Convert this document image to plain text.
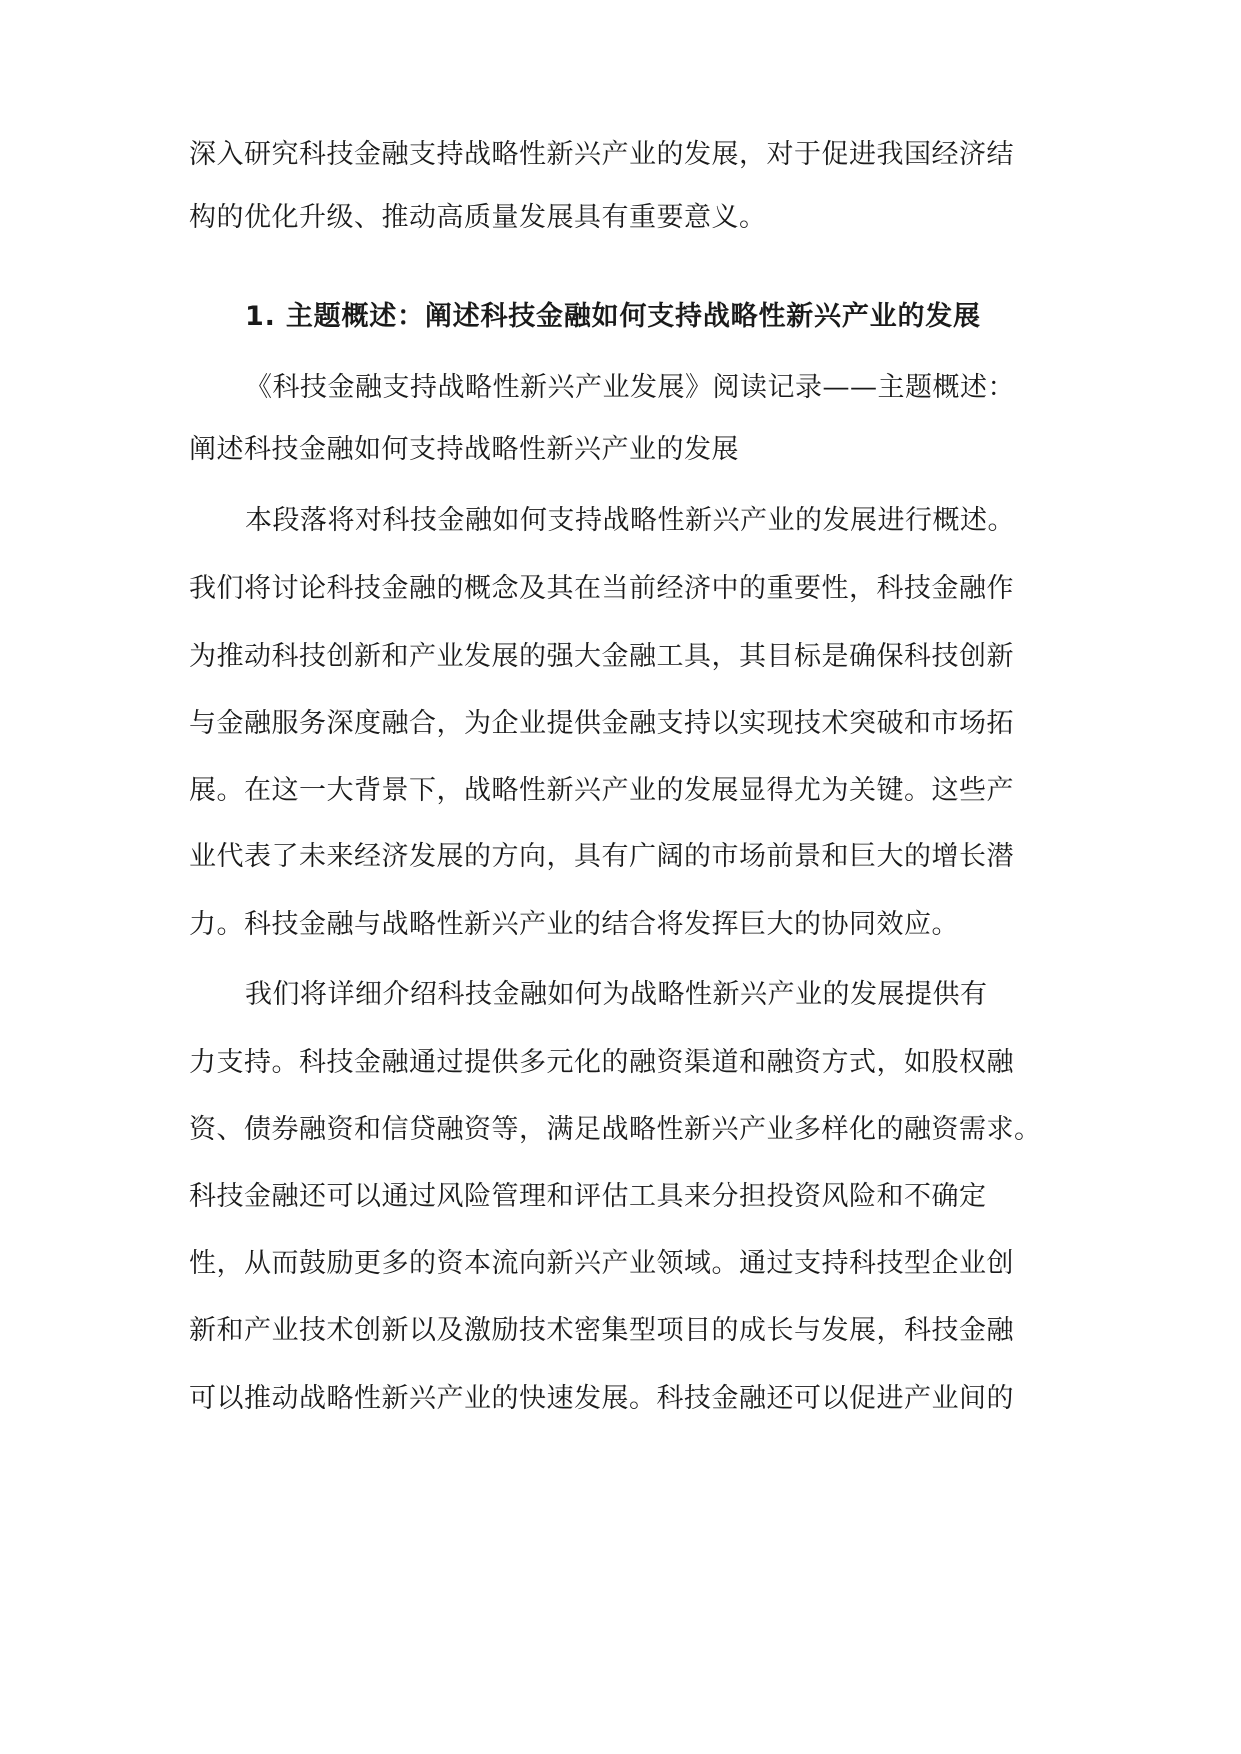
深入研究科技金融支持战略性新兴产业的发展，对于促进我国经济结
构的优化升级、推动高质量发展具有重要意义。
1. 主题概述：阐述科技金融如何支持战略性新兴产业的发展
《科技金融支持战略性新兴产业发展》阅读记录——主题概述：
阐述科技金融如何支持战略性新兴产业的发展
本段落将对科技金融如何支持战略性新兴产业的发展进行概述。
我们将讨论科技金融的概念及其在当前经济中的重要性，科技金融作
为推动科技创新和产业发展的强大金融工具，其目标是确保科技创新
与金融服务深度融合，为企业提供金融支持以实现技术突破和市场拓
展。在这一大背景下，战略性新兴产业的发展显得尤为关键。这些产
业代表了未来经济发展的方向，具有广阔的市场前景和巨大的增长潜
力。科技金融与战略性新兴产业的结合将发挥巨大的协同效应。
我们将详细介绍科技金融如何为战略性新兴产业的发展提供有
力支持。科技金融通过提供多元化的融资渠道和融资方式，如股权融
资、债券融资和信贷融资等，满足战略性新兴产业多样化的融资需求。
科技金融还可以通过风险管理和评估工具来分担投资风险和不确定
性，从而鼓励更多的资本流向新兴产业领域。通过支持科技型企业创
新和产业技术创新以及激励技术密集型项目的成长与发展，科技金融
可以推动战略性新兴产业的快速发展。科技金融还可以促进产业间的
